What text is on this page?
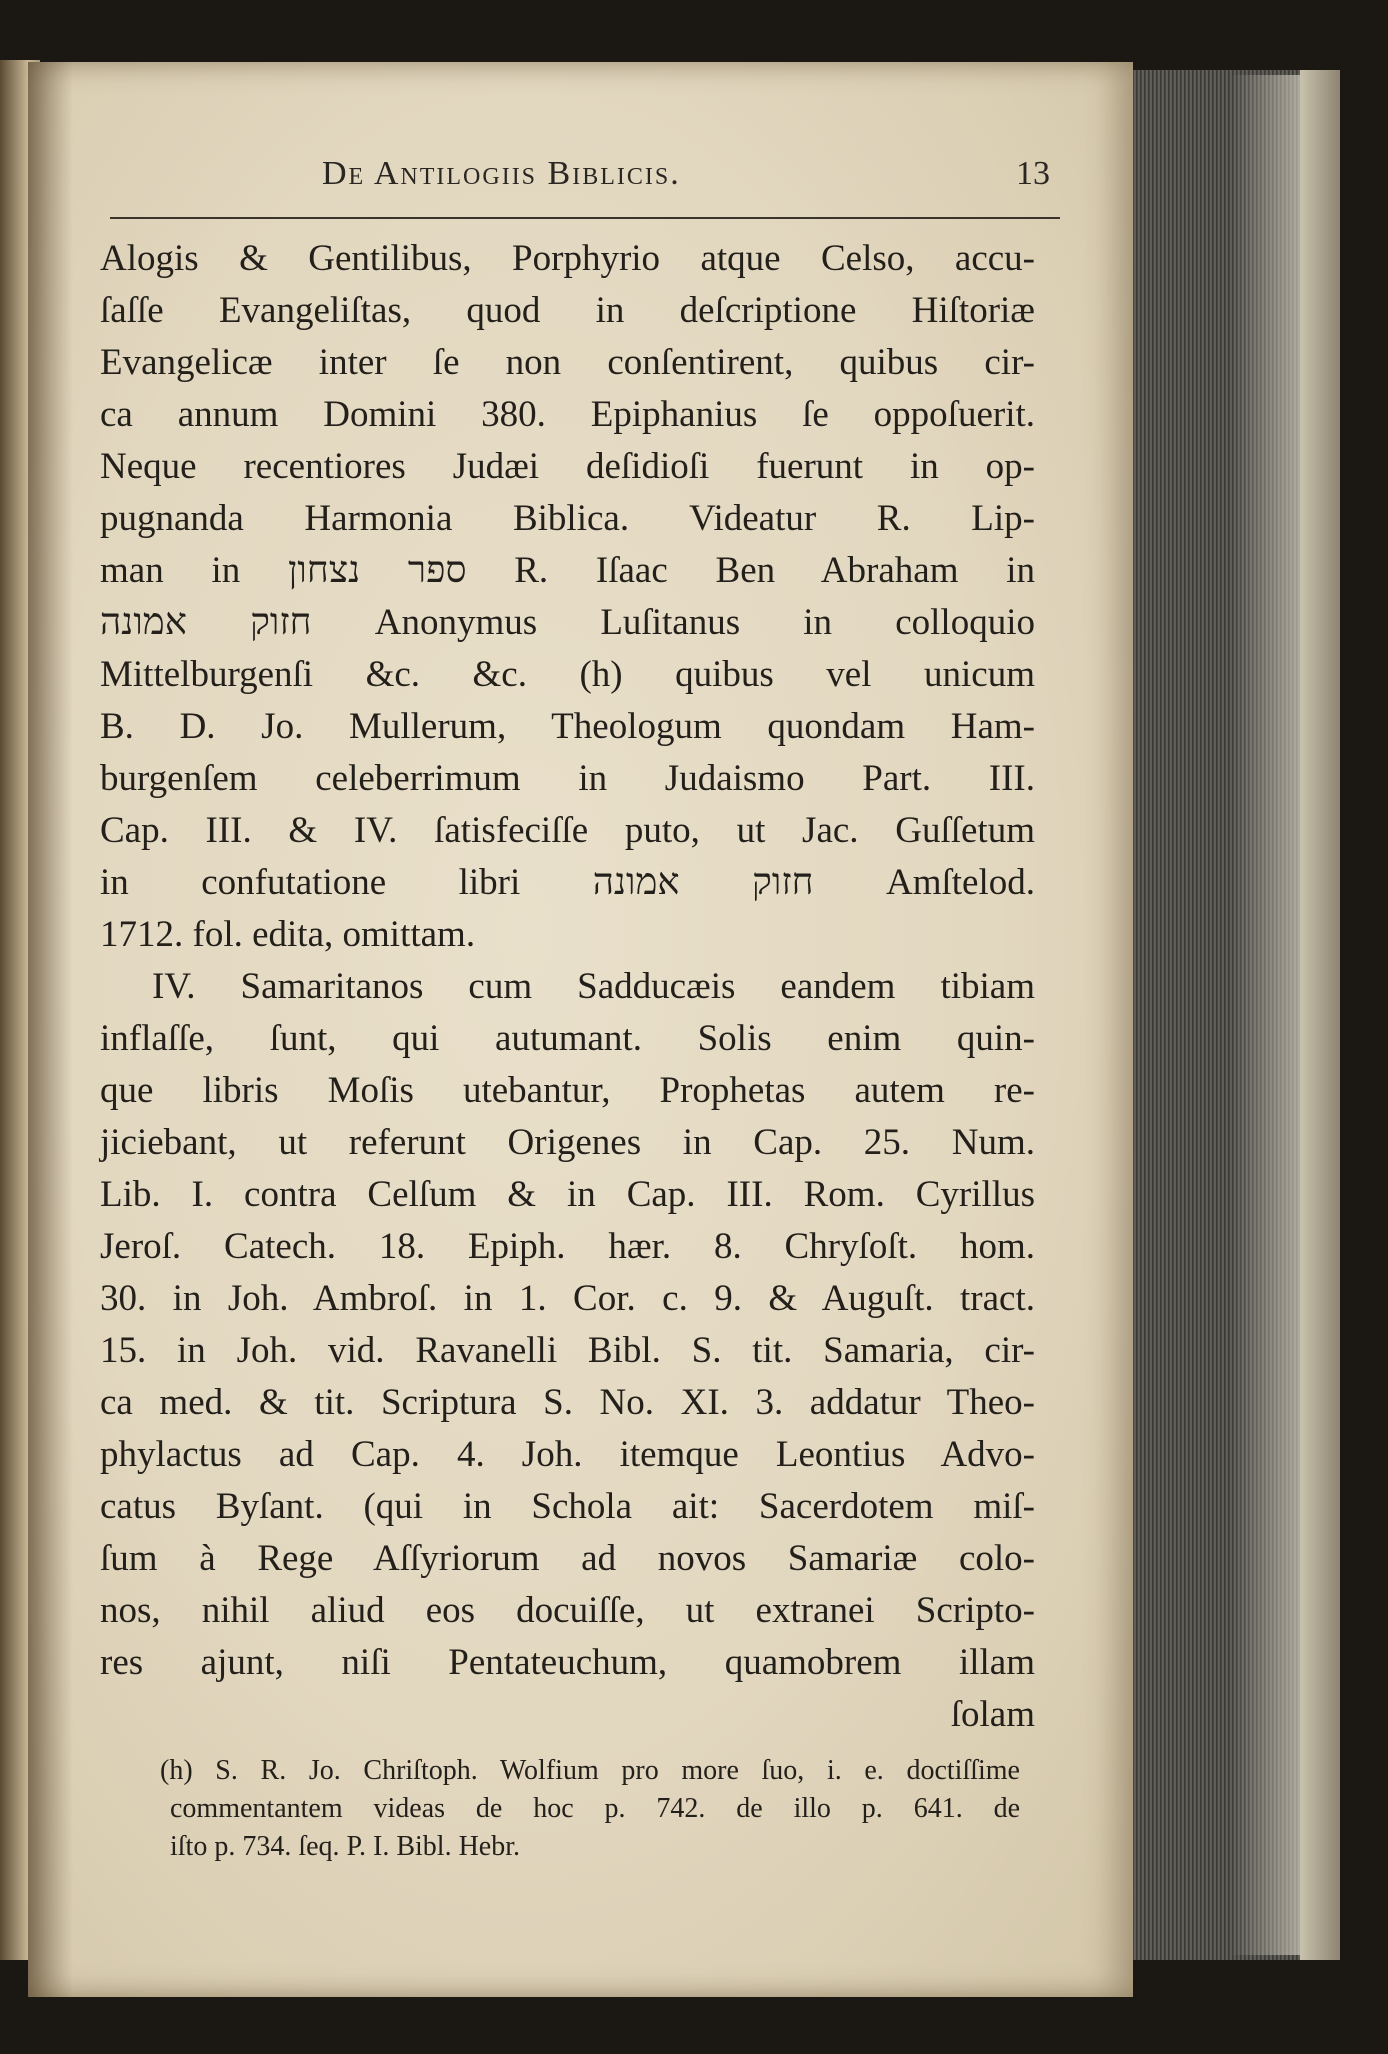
De Antilogiis Biblicis.	13
Alogis & Gentilibus, Porphyrio atque Celso, accu-
ſaſſe Evangeliſtas, quod in deſcriptione Hiſtoriæ
Evangelicæ inter ſe non conſentirent, quibus cir-
ca annum Domini 380. Epiphanius ſe oppoſuerit.
Neque recentiores Judæi deſidioſi fuerunt in op-
pugnanda Harmonia Biblica. Videatur R. Lip-
man in ספר נצחון R. Iſaac Ben Abraham in
חזוק אמונה Anonymus Luſitanus in colloquio
Mittelburgenſi &c. &c. (h) quibus vel unicum
B. D. Jo. Mullerum, Theologum quondam Ham-
burgenſem celeberrimum in Judaismo Part. III.
Cap. III. & IV. ſatisfeciſſe puto, ut Jac. Guſſetum
in confutatione libri חזוק אמונה Amſtelod.
1712. fol. edita, omittam.
IV. Samaritanos cum Sadducæis eandem tibiam
inflaſſe, ſunt, qui autumant. Solis enim quin-
que libris Moſis utebantur, Prophetas autem re-
jiciebant, ut referunt Origenes in Cap. 25. Num.
Lib. I. contra Celſum & in Cap. III. Rom. Cyrillus
Jeroſ. Catech. 18. Epiph. hær. 8. Chryſoſt. hom.
30. in Joh. Ambroſ. in 1. Cor. c. 9. & Auguſt. tract.
15. in Joh. vid. Ravanelli Bibl. S. tit. Samaria, cir-
ca med. & tit. Scriptura S. No. XI. 3. addatur Theo-
phylactus ad Cap. 4. Joh. itemque Leontius Advo-
catus Byſant. (qui in Schola ait: Sacerdotem miſ-
ſum à Rege Aſſyriorum ad novos Samariæ colo-
nos, nihil aliud eos docuiſſe, ut extranei Scripto-
res ajunt, niſi Pentateuchum, quamobrem illam
ſolam
(h) S. R. Jo. Chriſtoph. Wolfium pro more ſuo, i. e. doctiſſime
commentantem videas de hoc p. 742. de illo p. 641. de
iſto p. 734. ſeq. P. I. Bibl. Hebr.
